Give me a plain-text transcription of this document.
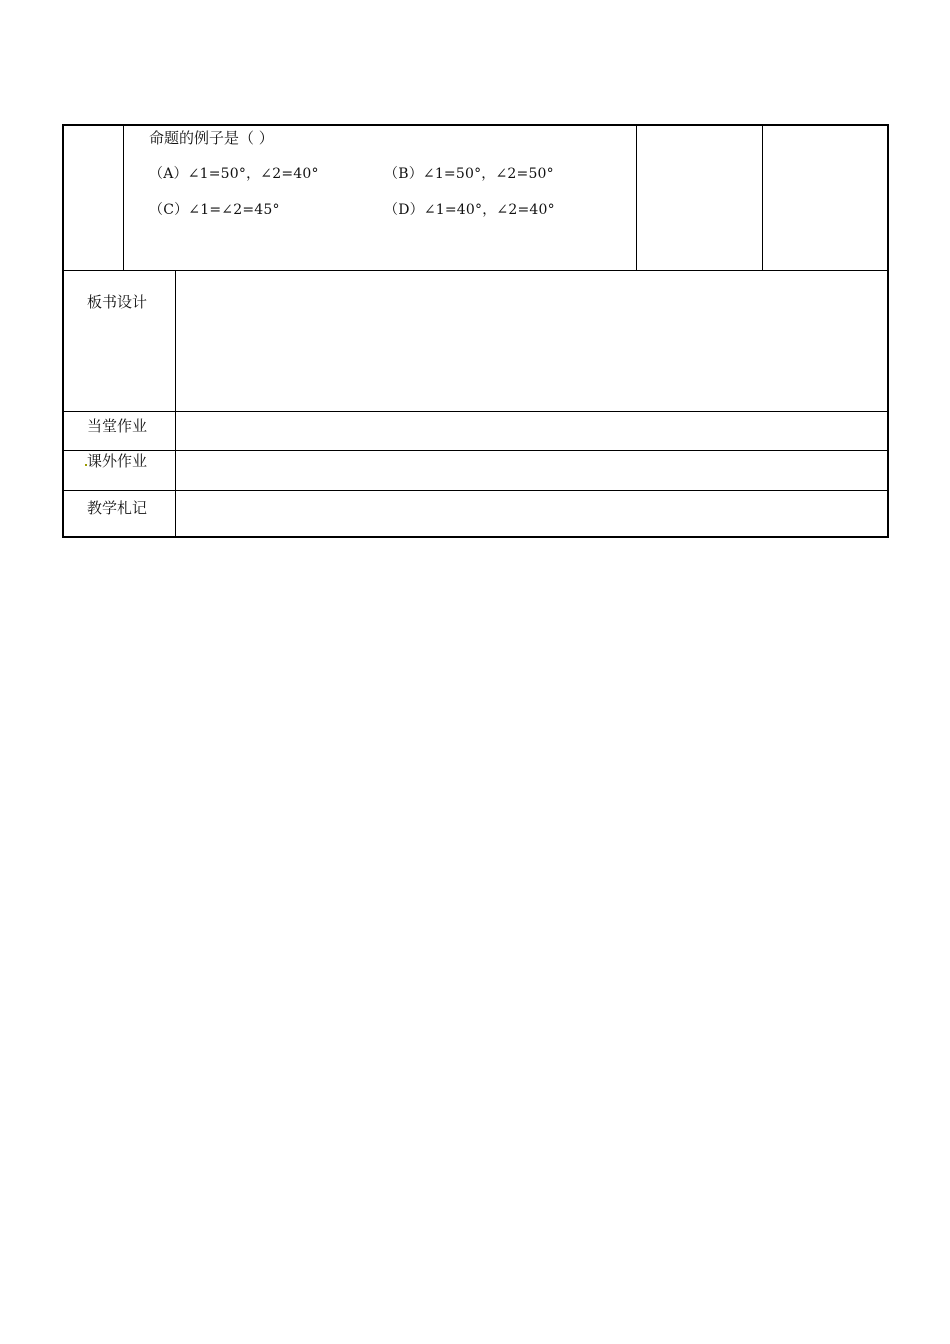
命题的例子是（ ）
（A）∠1=50°，∠2=40°	（B）∠1=50°，∠2=50°
（C）∠1=∠2=45°	（D）∠1=40°，∠2=40°
板书设计
当堂作业
课外作业
教学札记
